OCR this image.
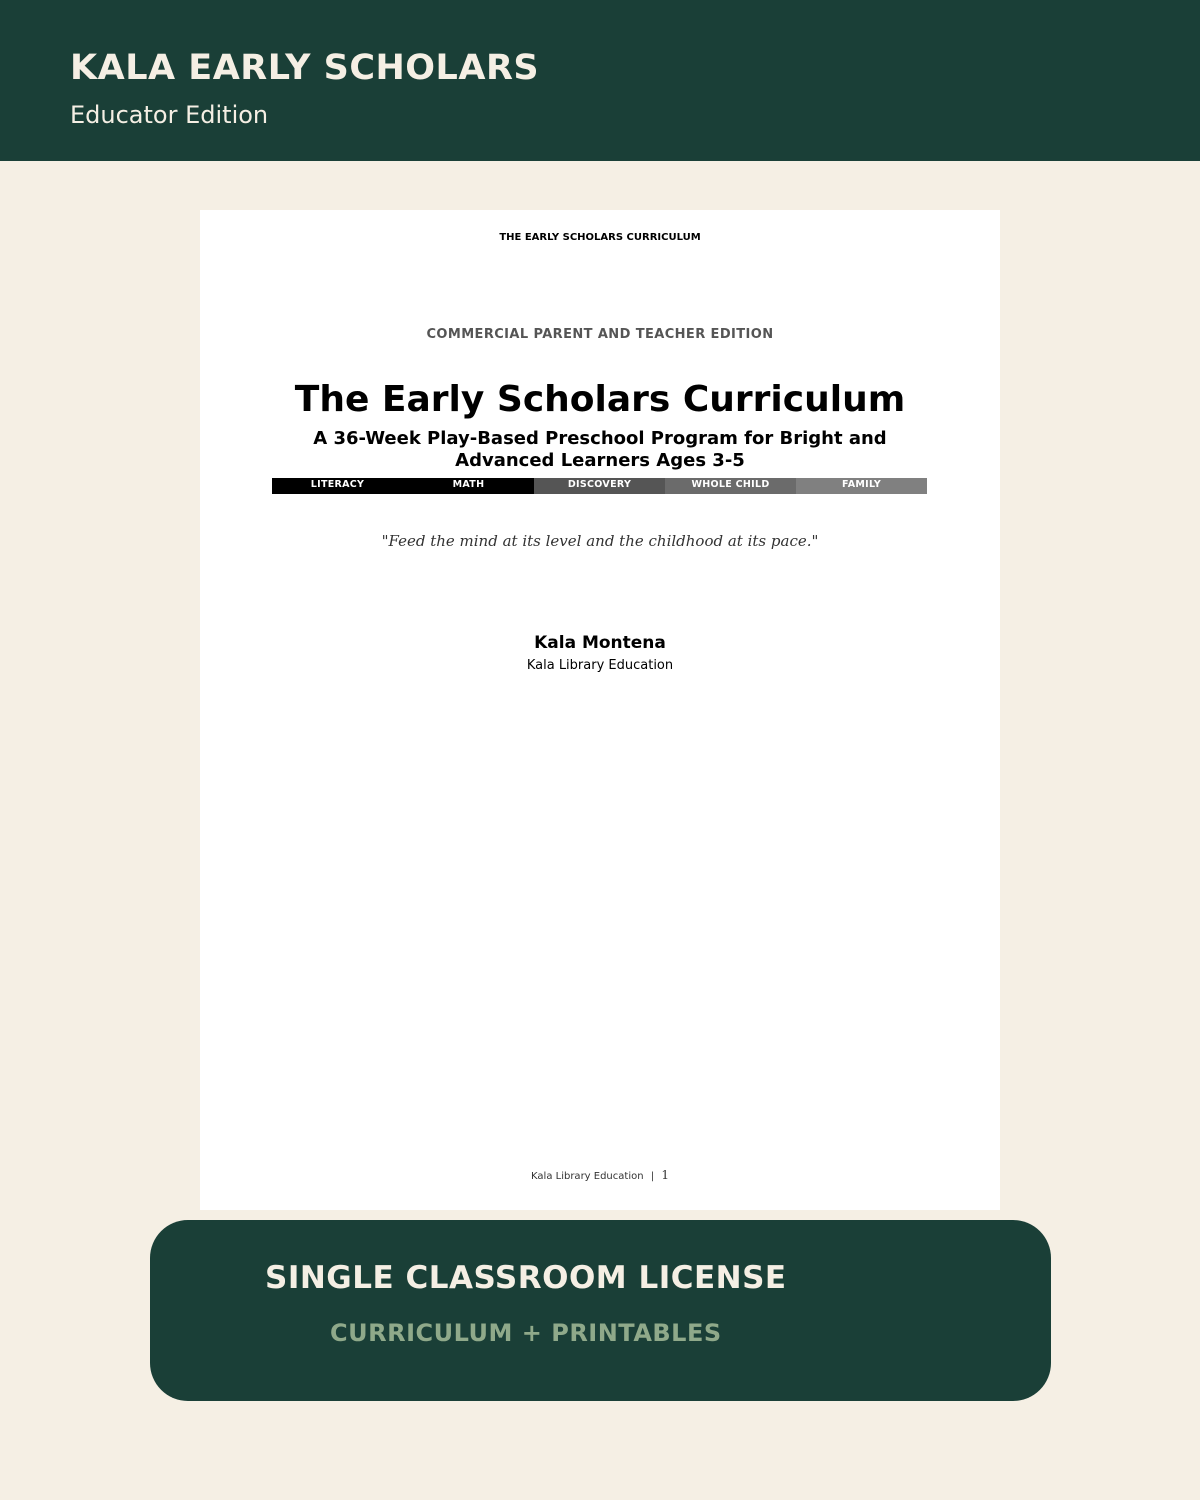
KALA EARLY SCHOLARS
Educator Edition
THE EARLY SCHOLARS CURRICULUM
COMMERCIAL PARENT AND TEACHER EDITION
The Early Scholars Curriculum
A 36-Week Play-Based Preschool Program for Bright and Advanced Learners Ages 3-5
LITERACY	MATH	DISCOVERY	WHOLE CHILD	FAMILY
"Feed the mind at its level and the childhood at its pace."
Kala Montena
Kala Library Education
Kala Library Education | 1
SINGLE CLASSROOM LICENSE
CURRICULUM + PRINTABLES
